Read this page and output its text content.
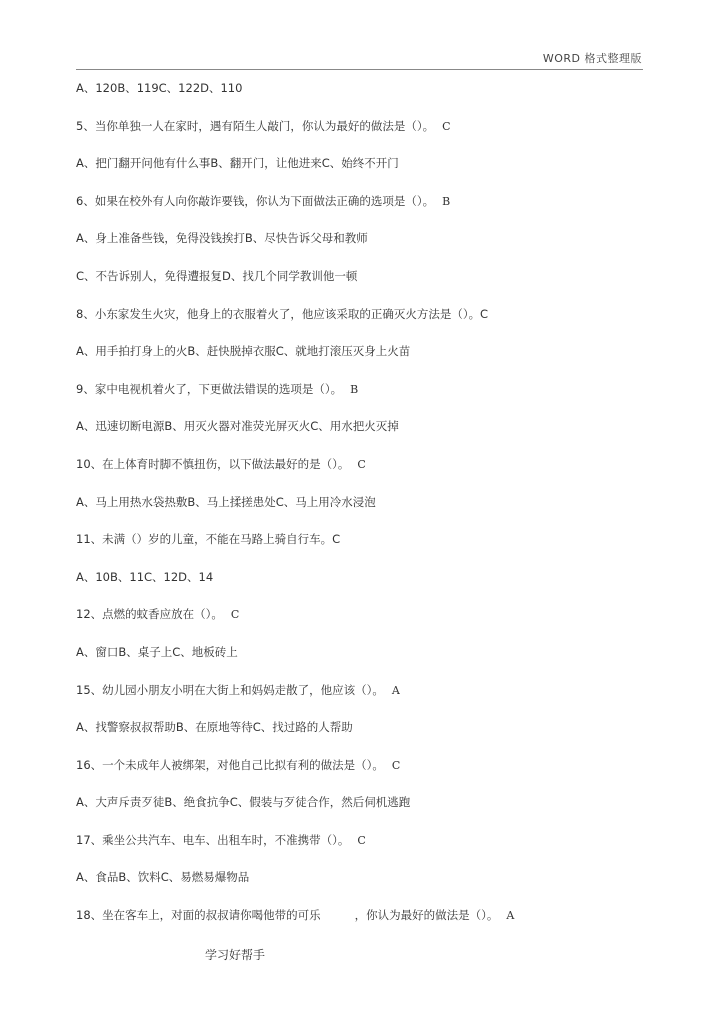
WORD 格式整理版
A、120B、119C、122D、110
5、当你单独一人在家时，遇有陌生人敲门，你认为最好的做法是（）。 C
A、把门翻开问他有什么事B、翻开门，让他进来C、始终不开门
6、如果在校外有人向你敲诈要钱，你认为下面做法正确的选项是（）。 B
A、身上准备些钱，免得没钱挨打B、尽快告诉父母和教师
C、不告诉别人，免得遭报复D、找几个同学教训他一顿
8、小东家发生火灾，他身上的衣服着火了，他应该采取的正确灭火方法是（）。C
A、用手拍打身上的火B、赶快脱掉衣服C、就地打滚压灭身上火苗
9、家中电视机着火了，下更做法错误的选项是（）。 B
A、迅速切断电源B、用灭火器对准荧光屏灭火C、用水把火灭掉
10、在上体育时脚不慎扭伤，以下做法最好的是（）。 C
A、马上用热水袋热敷B、马上揉搓患处C、马上用冷水浸泡
11、未满（）岁的儿童，不能在马路上骑自行车。C
A、10B、11C、12D、14
12、点燃的蚊香应放在（）。 C
A、窗口B、桌子上C、地板砖上
15、幼儿园小朋友小明在大街上和妈妈走散了，他应该（）。 A
A、找警察叔叔帮助B、在原地等待C、找过路的人帮助
16、一个未成年人被绑架，对他自己比拟有利的做法是（）。 C
A、大声斥责歹徒B、绝食抗争C、假装与歹徒合作，然后伺机逃跑
17、乘坐公共汽车、电车、出租车时，不准携带（）。 C
A、食品B、饮料C、易燃易爆物品
18、坐在客车上，对面的叔叔请你喝他带的可乐	，你认为最好的做法是（）。 A
学习好帮手
